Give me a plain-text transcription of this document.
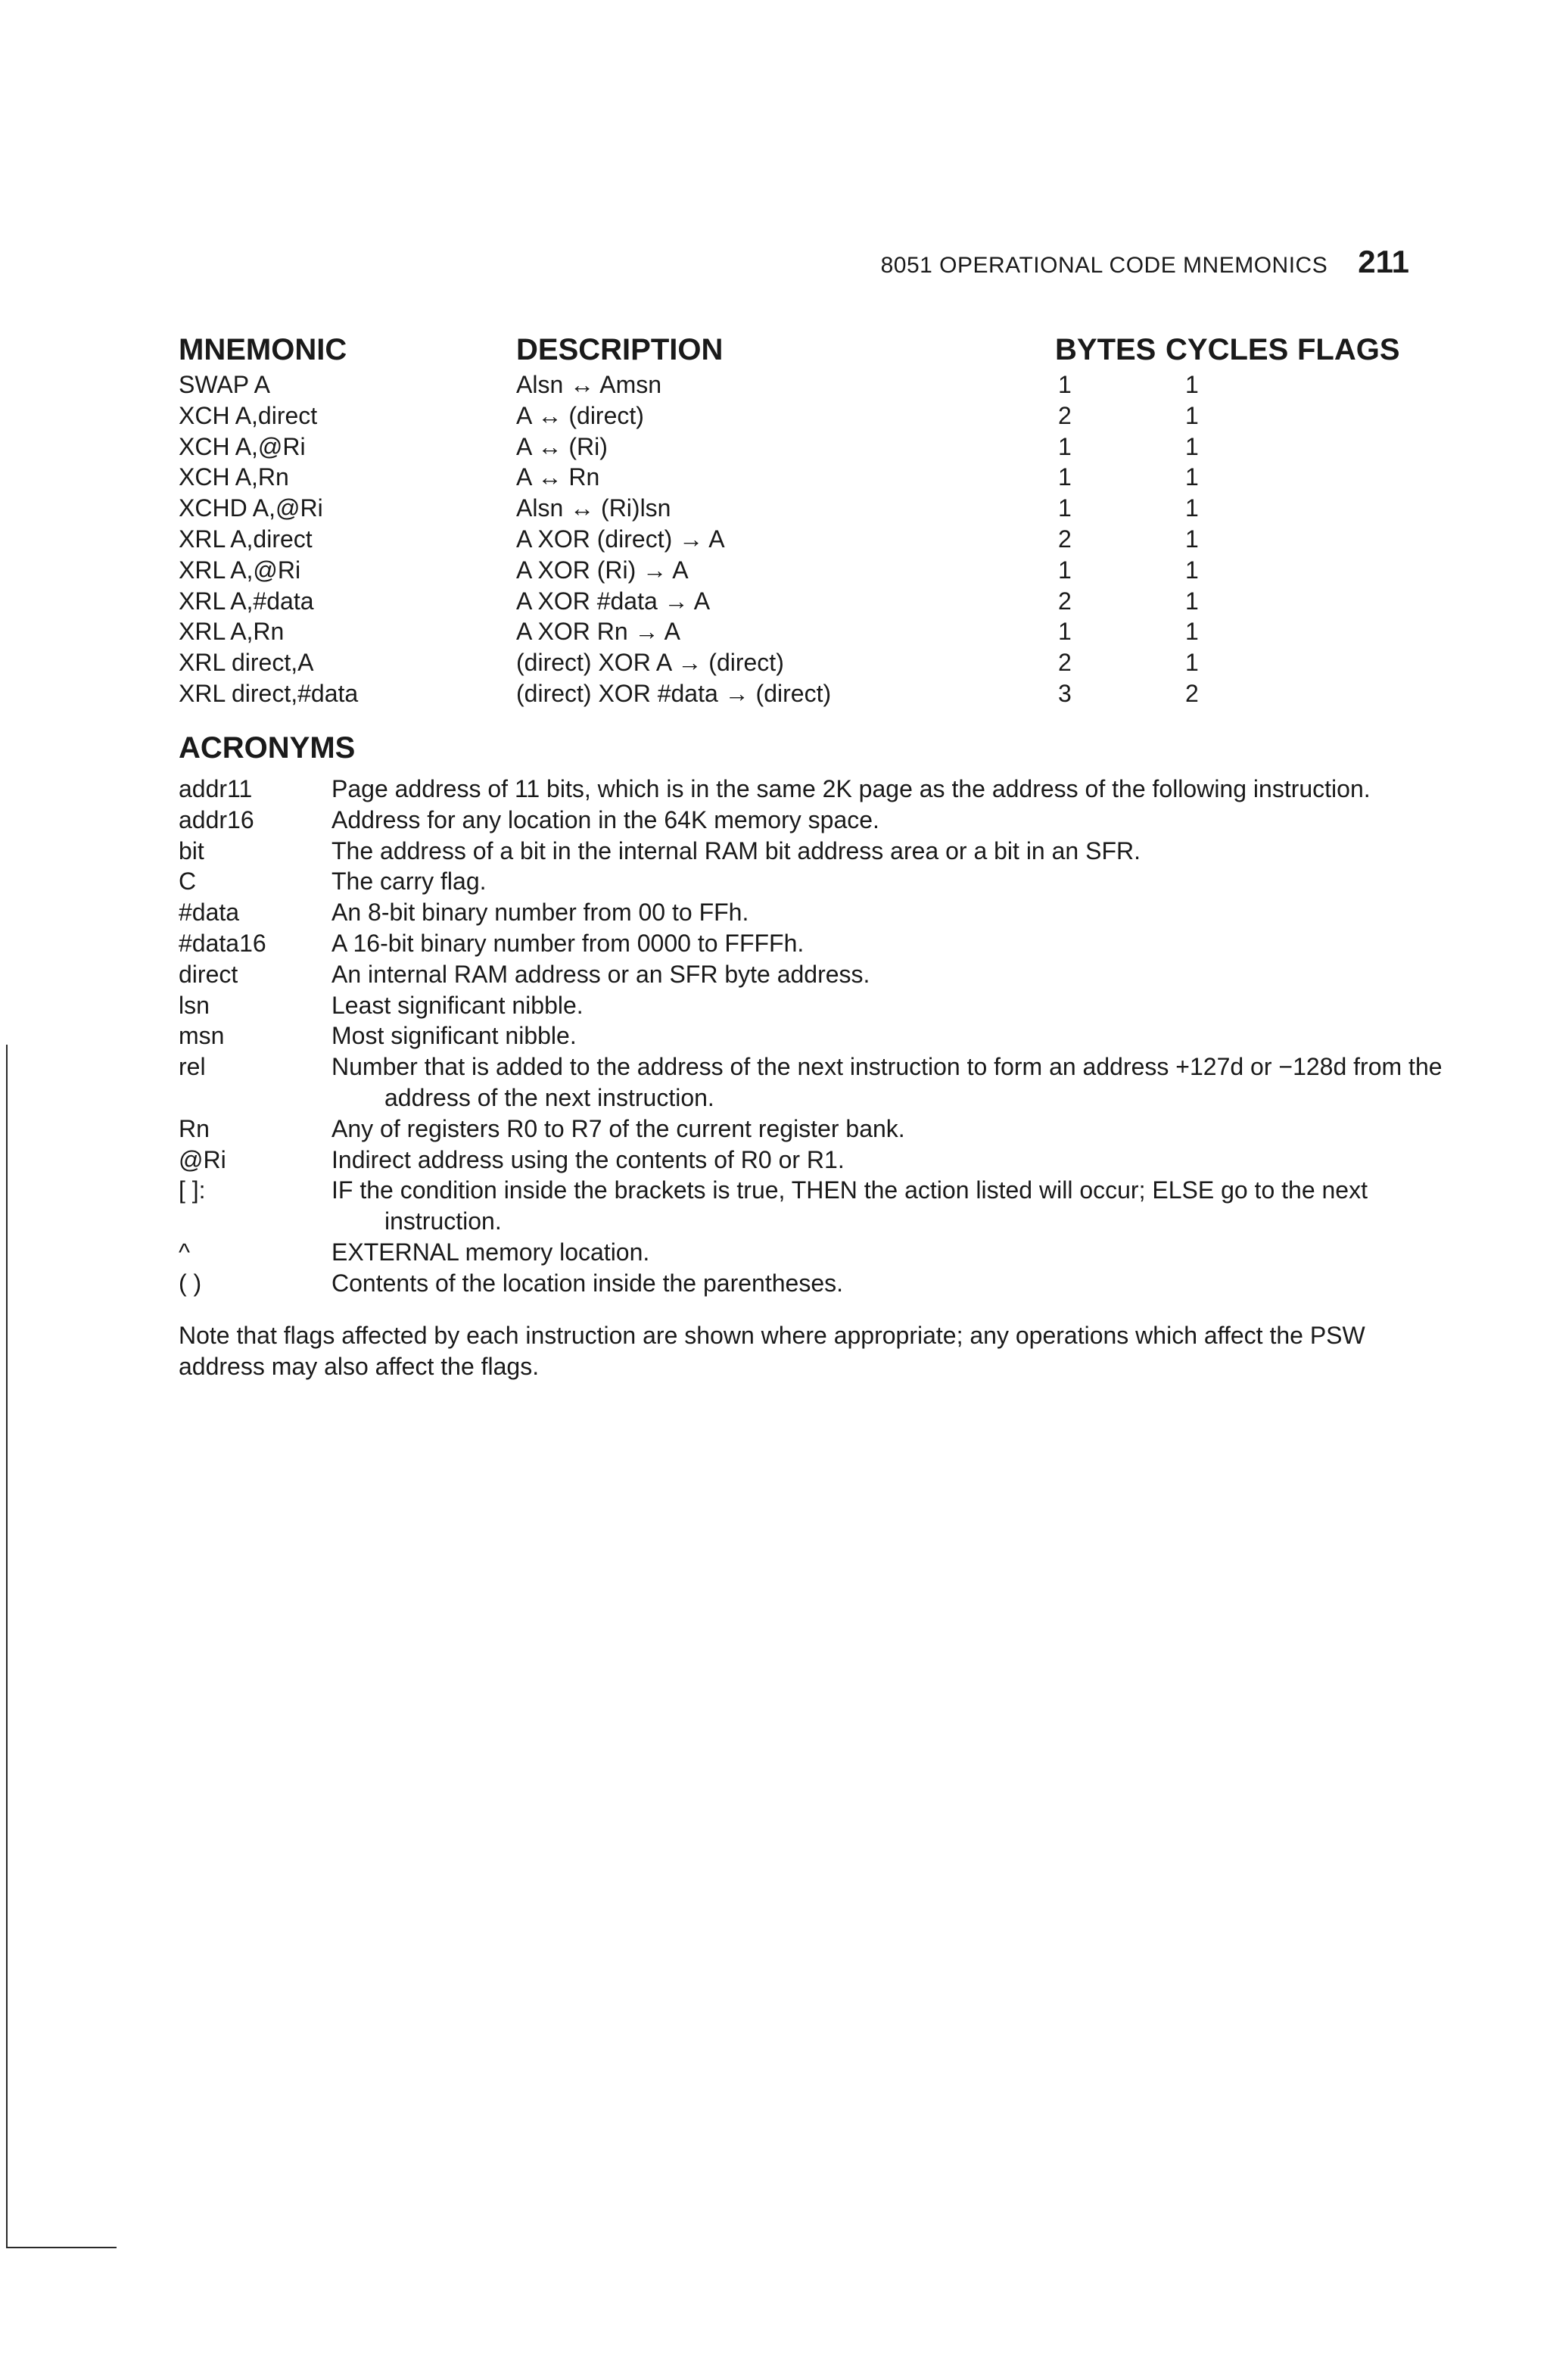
8051 OPERATIONAL CODE MNEMONICS 211
MNEMONIC	DESCRIPTION	BYTES CYCLES FLAGS
SWAP A	Alsn ↔ Amsn	1	1
XCH A,direct	A ↔ (direct)	2	1
XCH A,@Ri	A ↔ (Ri)	1	1
XCH A,Rn	A ↔ Rn	1	1
XCHD A,@Ri	Alsn ↔ (Ri)lsn	1	1
XRL A,direct	A XOR (direct) → A	2	1
XRL A,@Ri	A XOR (Ri) → A	1	1
XRL A,#data	A XOR #data → A	2	1
XRL A,Rn	A XOR Rn → A	1	1
XRL direct,A	(direct) XOR A → (direct)	2	1
XRL direct,#data	(direct) XOR #data → (direct)	3	2
ACRONYMS
addr11	Page address of 11 bits, which is in the same 2K page as the address of the following instruction.
addr16	Address for any location in the 64K memory space.
bit	The address of a bit in the internal RAM bit address area or a bit in an SFR.
C	The carry flag.
#data	An 8-bit binary number from 00 to FFh.
#data16	A 16-bit binary number from 0000 to FFFFh.
direct	An internal RAM address or an SFR byte address.
lsn	Least significant nibble.
msn	Most significant nibble.
rel	Number that is added to the address of the next instruction to form an address +127d or −128d from the address of the next instruction.
Rn	Any of registers R0 to R7 of the current register bank.
@Ri	Indirect address using the contents of R0 or R1.
[ ]:	IF the condition inside the brackets is true, THEN the action listed will occur; ELSE go to the next instruction.
^	EXTERNAL memory location.
( )	Contents of the location inside the parentheses.
Note that flags affected by each instruction are shown where appropriate; any operations which affect the PSW address may also affect the flags.
